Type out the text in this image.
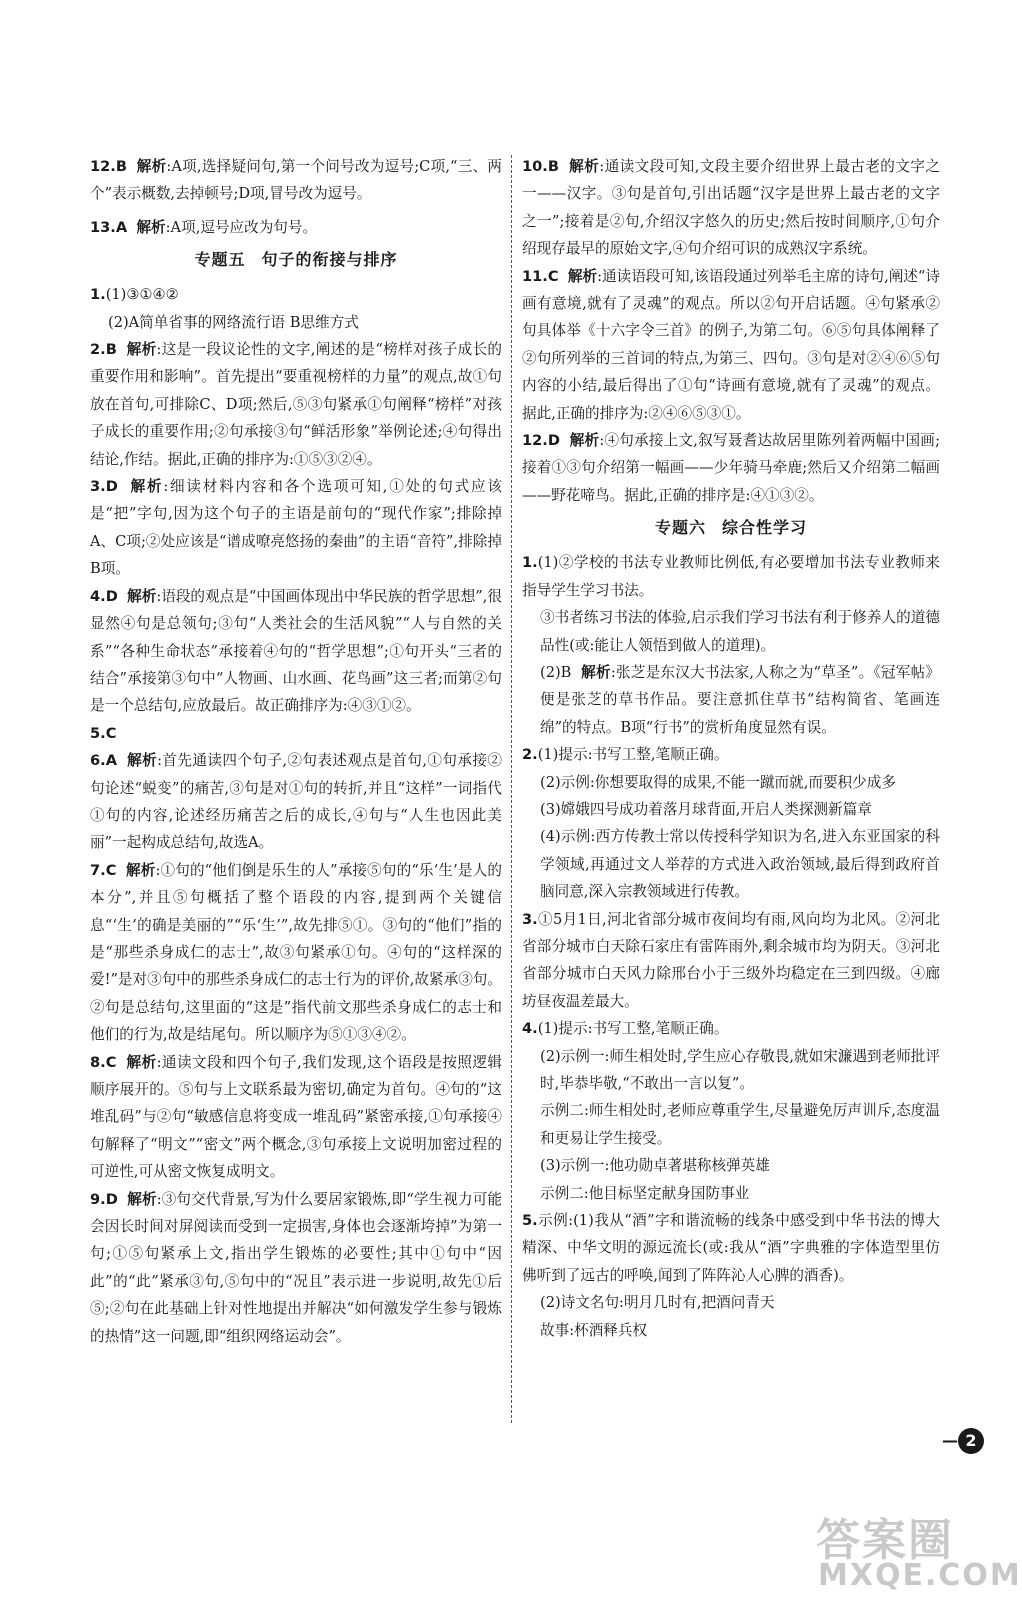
12.B 解析:A项,选择疑问句,第一个问号改为逗号;C项,“三、两个”表示概数,去掉顿号;D项,冒号改为逗号。

13.A 解析:A项,逗号应改为句号。

专题五 句子的衔接与排序

1.(1)③①④②

(2)A简单省事的网络流行语 B思维方式

2.B 解析:这是一段议论性的文字,阐述的是“榜样对孩子成长的重要作用和影响”。首先提出“要重视榜样的力量”的观点,故①句放在首句,可排除C、D项;然后,⑤③句紧承①句阐释“榜样”对孩子成长的重要作用;②句承接③句“鲜活形象”举例论述;④句得出结论,作结。据此,正确的排序为:①⑤③②④。

3.D 解析:细读材料内容和各个选项可知,①处的句式应该是“把”字句,因为这个句子的主语是前句的“现代作家”;排除掉A、C项;②处应该是“谱成嘹亮悠扬的秦曲”的主语“音符”,排除掉B项。

4.D 解析:语段的观点是“中国画体现出中华民族的哲学思想”,很显然④句是总领句;③句“人类社会的生活风貌”“人与自然的关系”“各种生命状态”承接着④句的“哲学思想”;①句开头“三者的结合”承接第③句中“人物画、山水画、花鸟画”这三者;而第②句是一个总结句,应放最后。故正确排序为:④③①②。

5.C

6.A 解析:首先通读四个句子,②句表述观点是首句,①句承接②句论述“蜕变”的痛苦,③句是对①句的转折,并且“这样”一词指代①句的内容,论述经历痛苦之后的成长,④句与“人生也因此美丽”一起构成总结句,故选A。

7.C 解析:①句的“他们倒是乐生的人”承接⑤句的“乐‘生’是人的本分”,并且⑤句概括了整个语段的内容,提到两个关键信息“‘生’的确是美丽的”“乐‘生’”,故先排⑤①。③句的“他们”指的是“那些杀身成仁的志士”,故③句紧承①句。④句的“这样深的爱!”是对③句中的那些杀身成仁的志士行为的评价,故紧承③句。②句是总结句,这里面的“这是”指代前文那些杀身成仁的志士和他们的行为,故是结尾句。所以顺序为⑤①③④②。

8.C 解析:通读文段和四个句子,我们发现,这个语段是按照逻辑顺序展开的。⑤句与上文联系最为密切,确定为首句。④句的“这堆乱码”与②句“敏感信息将变成一堆乱码”紧密承接,①句承接④句解释了“明文”“密文”两个概念,③句承接上文说明加密过程的可逆性,可从密文恢复成明文。

9.D 解析:③句交代背景,写为什么要居家锻炼,即“学生视力可能会因长时间对屏阅读而受到一定损害,身体也会逐渐垮掉”为第一句;①⑤句紧承上文,指出学生锻炼的必要性;其中①句中“因此”的“此”紧承③句,⑤句中的“况且”表示进一步说明,故先①后⑤;②句在此基础上针对性地提出并解决“如何激发学生参与锻炼的热情”这一问题,即“组织网络运动会”。

10.B 解析:通读文段可知,文段主要介绍世界上最古老的文字之一——汉字。③句是首句,引出话题“汉字是世界上最古老的文字之一”;接着是②句,介绍汉字悠久的历史;然后按时间顺序,①句介绍现存最早的原始文字,④句介绍可识的成熟汉字系统。

11.C 解析:通读语段可知,该语段通过列举毛主席的诗句,阐述“诗画有意境,就有了灵魂”的观点。所以②句开启话题。④句紧承②句具体举《十六字令三首》的例子,为第二句。⑥⑤句具体阐释了②句所列举的三首词的特点,为第三、四句。③句是对②④⑥⑤句内容的小结,最后得出了①句“诗画有意境,就有了灵魂”的观点。据此,正确的排序为:②④⑥⑤③①。

12.D 解析:④句承接上文,叙写聂耆达故居里陈列着两幅中国画;接着①③句介绍第一幅画——少年骑马牵鹿;然后又介绍第二幅画——野花啼鸟。据此,正确的排序是:④①③②。

专题六 综合性学习

1.(1)②学校的书法专业教师比例低,有必要增加书法专业教师来指导学生学习书法。

③书者练习书法的体验,启示我们学习书法有利于修养人的道德品性(或:能让人领悟到做人的道理)。

(2)B 解析:张芝是东汉大书法家,人称之为“草圣”。《冠军帖》便是张芝的草书作品。要注意抓住草书“结构简省、笔画连绵”的特点。B项“行书”的赏析角度显然有误。

2.(1)提示:书写工整,笔顺正确。

(2)示例:你想要取得的成果,不能一蹴而就,而要积少成多

(3)嫦娥四号成功着落月球背面,开启人类探测新篇章

(4)示例:西方传教士常以传授科学知识为名,进入东亚国家的科学领域,再通过文人举荐的方式进入政治领域,最后得到政府首脑同意,深入宗教领域进行传教。

3.①5月1日,河北省部分城市夜间均有雨,风向均为北风。②河北省部分城市白天除石家庄有雷阵雨外,剩余城市均为阴天。③河北省部分城市白天风力除邢台小于三级外均稳定在三到四级。④廊坊昼夜温差最大。

4.(1)提示:书写工整,笔顺正确。

(2)示例一:师生相处时,学生应心存敬畏,就如宋濂遇到老师批评时,毕恭毕敬,“不敢出一言以复”。

示例二:师生相处时,老师应尊重学生,尽量避免厉声训斥,态度温和更易让学生接受。

(3)示例一:他功勋卓著堪称核弹英雄

示例二:他目标坚定献身国防事业

5.示例:(1)我从“酒”字和谐流畅的线条中感受到中华书法的博大精深、中华文明的源远流长(或:我从“酒”字典雅的字体造型里仿佛听到了远古的呼唤,闻到了阵阵沁人心脾的酒香)。

(2)诗文名句:明月几时有,把酒问青天

故事:杯酒释兵权

— 2
答案圈
MXQE.COM
